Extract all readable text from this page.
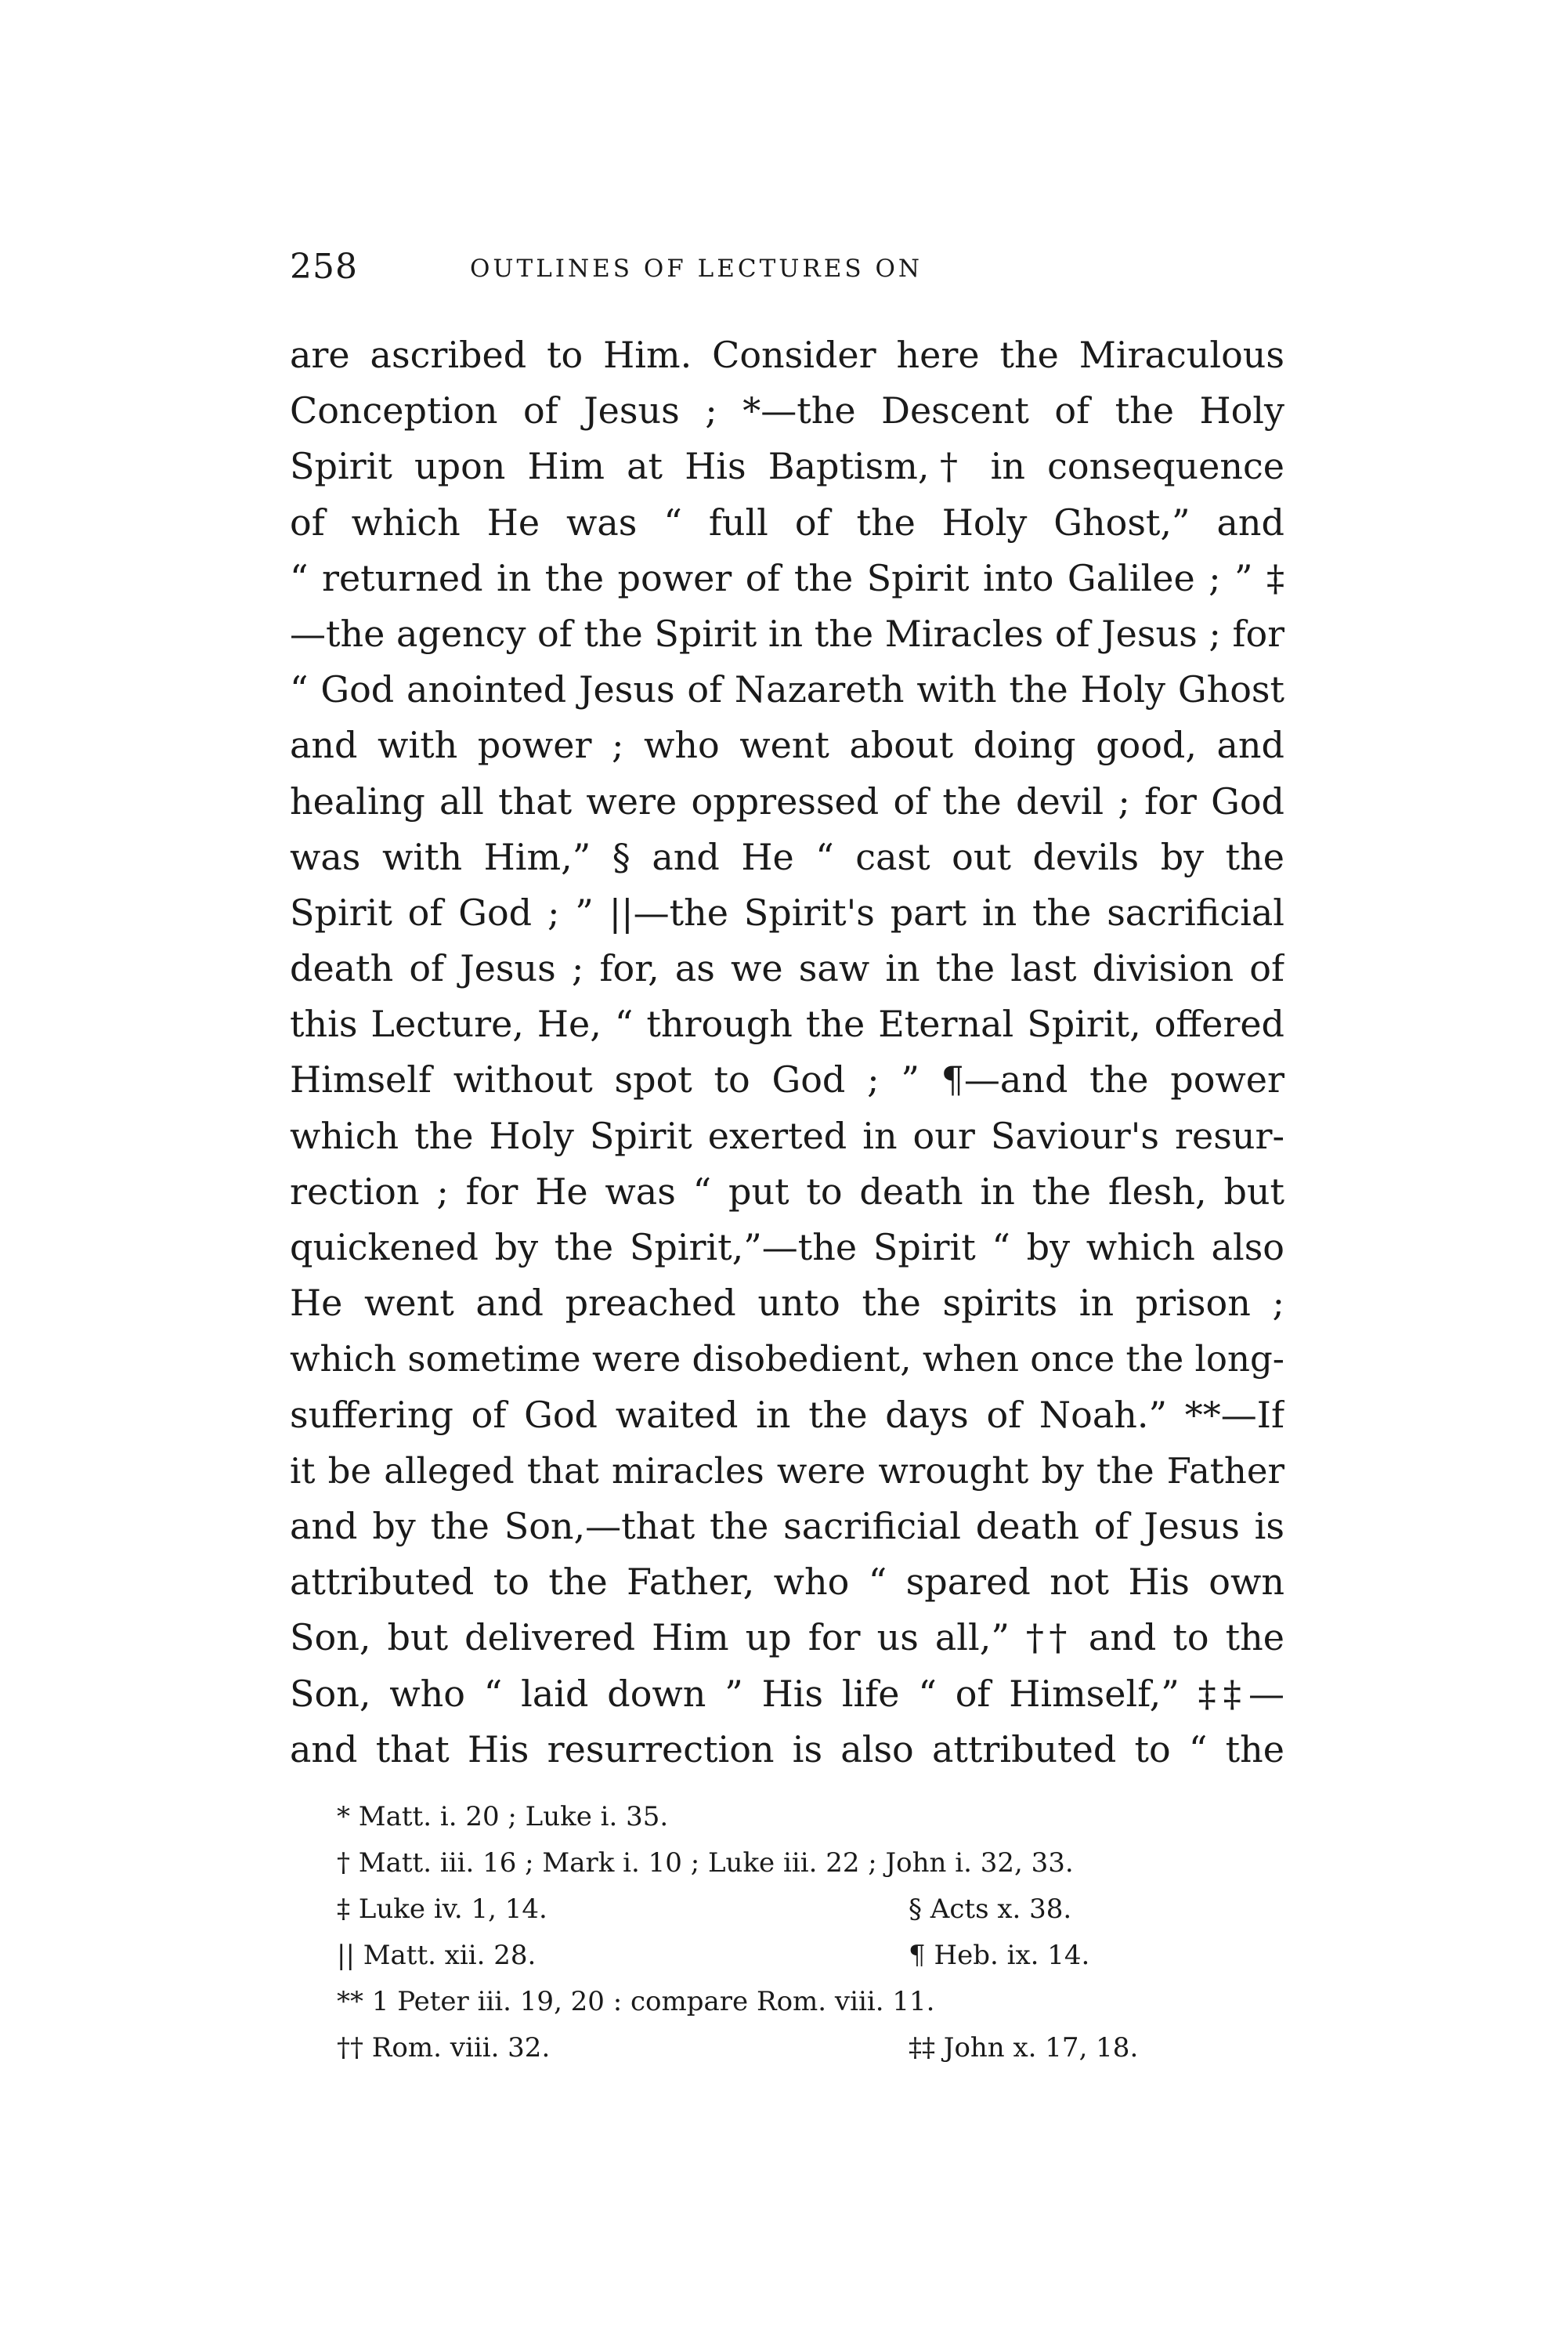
258	OUTLINES OF LECTURES ON
are ascribed to Him. Consider here the Miraculous
Conception of Jesus ; *—the Descent of the Holy
Spirit upon Him at His Baptism,† in consequence
of which He was “ full of the Holy Ghost,” and
“ returned in the power of the Spirit into Galilee ; ” ‡
—the agency of the Spirit in the Miracles of Jesus ; for
“ God anointed Jesus of Nazareth with the Holy Ghost
and with power ; who went about doing good, and
healing all that were oppressed of the devil ; for God
was with Him,” § and He “ cast out devils by the
Spirit of God ; ” ||—the Spirit's part in the sacrificial
death of Jesus ; for, as we saw in the last division of
this Lecture, He, “ through the Eternal Spirit, offered
Himself without spot to God ; ” ¶—and the power
which the Holy Spirit exerted in our Saviour's resur-
rection ; for He was “ put to death in the flesh, but
quickened by the Spirit,”—the Spirit “ by which also
He went and preached unto the spirits in prison ;
which sometime were disobedient, when once the long-
suffering of God waited in the days of Noah.” **—If
it be alleged that miracles were wrought by the Father
and by the Son,—that the sacrificial death of Jesus is
attributed to the Father, who “ spared not His own
Son, but delivered Him up for us all,” †† and to the
Son, who “ laid down ” His life “ of Himself,” ‡‡—
and that His resurrection is also attributed to “ the
* Matt. i. 20 ; Luke i. 35.
† Matt. iii. 16 ; Mark i. 10 ; Luke iii. 22 ; John i. 32, 33.
‡ Luke iv. 1, 14.	§ Acts x. 38.
|| Matt. xii. 28.	¶ Heb. ix. 14.
** 1 Peter iii. 19, 20 : compare Rom. viii. 11.
†† Rom. viii. 32.	‡‡ John x. 17, 18.
